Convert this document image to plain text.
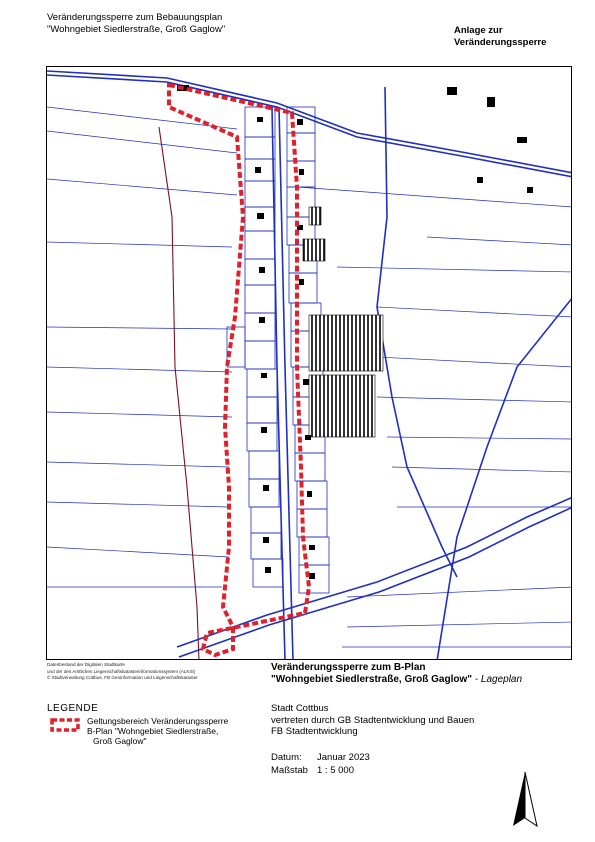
Veränderungssperre zum Bebauungsplan
"Wohngebiet Siedlerstraße, Groß Gaglow"	Anlage zur
Veränderungssperre
Datenbestand der Digitalen Stadtkarte
und der des Amtlichen Liegenschaftskatasterinformationssystem (ALKIS)
© Stadtverwaltung Cottbus, FB Geoinformation und Liegenschaftskataster
LEGENDE
Geltungsbereich Veränderungssperre
B-Plan "Wohngebiet Siedlerstraße,
Groß Gaglow"
Veränderungssperre zum B-Plan
"Wohngebiet Siedlerstraße, Groß Gaglow" - Lageplan
Stadt Cottbus
vertreten durch GB Stadtentwicklung und Bauen
FB Stadtentwicklung
Datum: Januar 2023
Maßstab 1 : 5 000
